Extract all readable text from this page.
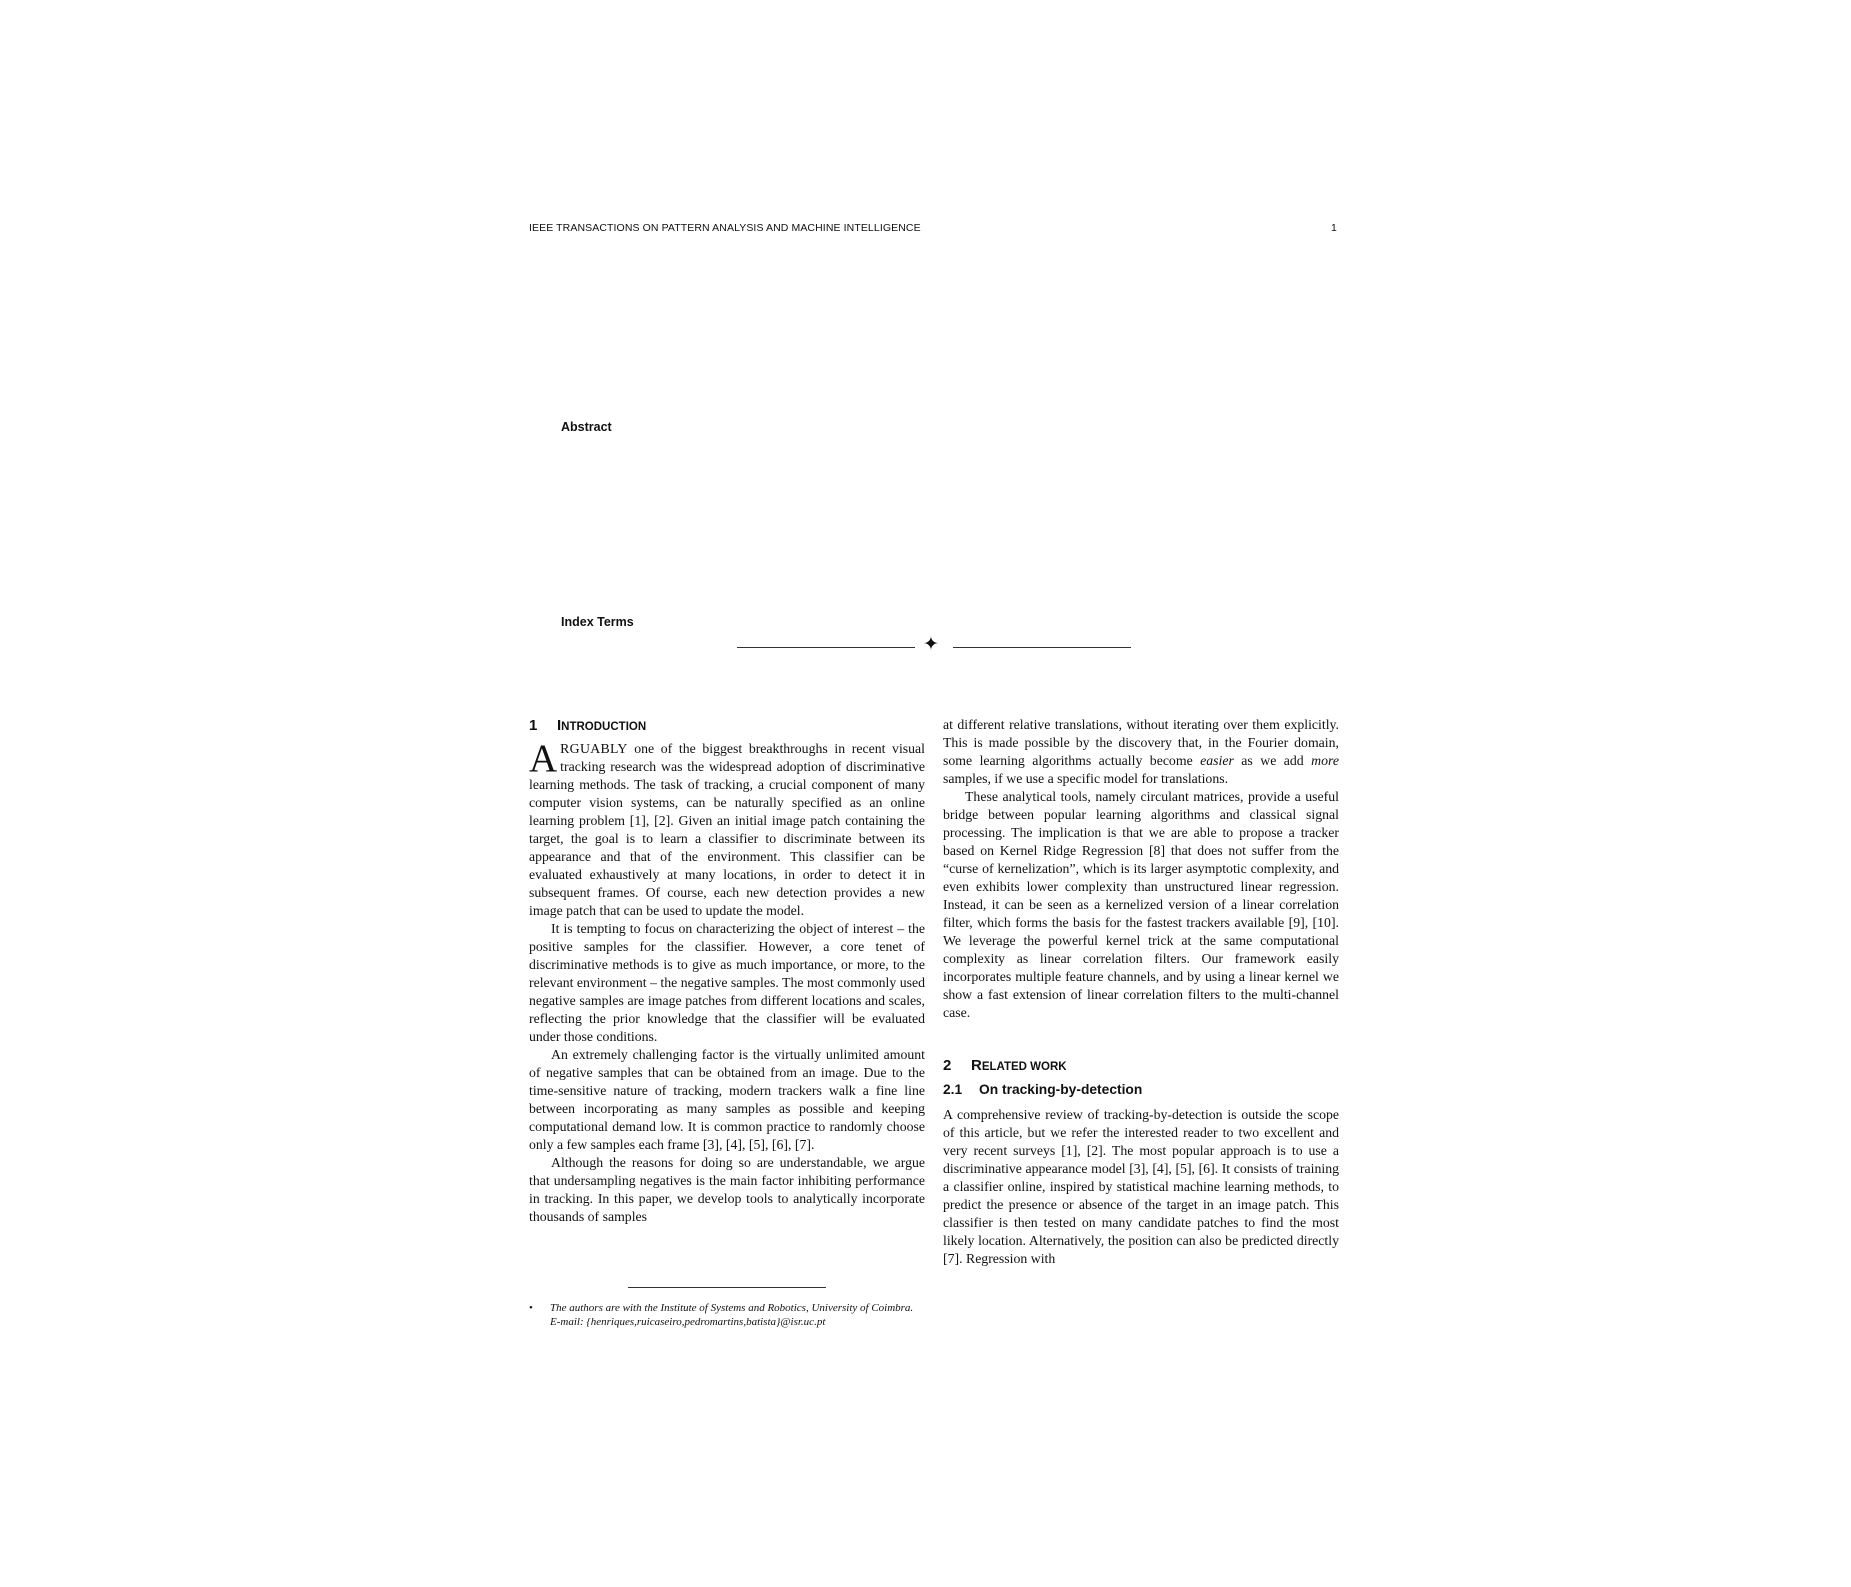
IEEE TRANSACTIONS ON PATTERN ANALYSIS AND MACHINE INTELLIGENCE	1
Abstract
Index Terms
✦
1 INTRODUCTION

ARGUABLY one of the biggest breakthroughs in recent visual tracking research was the widespread adoption of discriminative learning methods. The task of tracking, a crucial component of many computer vision systems, can be naturally specified as an online learning problem [1], [2]. Given an initial image patch containing the target, the goal is to learn a classifier to discriminate between its appearance and that of the environment. This classifier can be evaluated exhaustively at many locations, in order to detect it in subsequent frames. Of course, each new detection provides a new image patch that can be used to update the model.

It is tempting to focus on characterizing the object of interest – the positive samples for the classifier. However, a core tenet of discriminative methods is to give as much importance, or more, to the relevant environment – the negative samples. The most commonly used negative samples are image patches from different locations and scales, reflecting the prior knowledge that the classifier will be evaluated under those conditions.

An extremely challenging factor is the virtually unlimited amount of negative samples that can be obtained from an image. Due to the time-sensitive nature of tracking, modern trackers walk a fine line between incorporating as many samples as possible and keeping computational demand low. It is common practice to randomly choose only a few samples each frame [3], [4], [5], [6], [7].

Although the reasons for doing so are understandable, we argue that undersampling negatives is the main factor inhibiting performance in tracking. In this paper, we develop tools to analytically incorporate thousands of samples

at different relative translations, without iterating over them explicitly. This is made possible by the discovery that, in the Fourier domain, some learning algorithms actually become easier as we add more samples, if we use a specific model for translations.

These analytical tools, namely circulant matrices, provide a useful bridge between popular learning algorithms and classical signal processing. The implication is that we are able to propose a tracker based on Kernel Ridge Regression [8] that does not suffer from the “curse of kernelization”, which is its larger asymptotic complexity, and even exhibits lower complexity than unstructured linear regression. Instead, it can be seen as a kernelized version of a linear correlation filter, which forms the basis for the fastest trackers available [9], [10]. We leverage the powerful kernel trick at the same computational complexity as linear correlation filters. Our framework easily incorporates multiple feature channels, and by using a linear kernel we show a fast extension of linear correlation filters to the multi-channel case.

2 RELATED WORK
2.1 On tracking-by-detection

A comprehensive review of tracking-by-detection is outside the scope of this article, but we refer the interested reader to two excellent and very recent surveys [1], [2]. The most popular approach is to use a discriminative appearance model [3], [4], [5], [6]. It consists of training a classifier online, inspired by statistical machine learning methods, to predict the presence or absence of the target in an image patch. This classifier is then tested on many candidate patches to find the most likely location. Alternatively, the position can also be predicted directly [7]. Regression with

• The authors are with the Institute of Systems and Robotics, University of Coimbra.
E-mail: {henriques,ruicaseiro,pedromartins,batista}@isr.uc.pt
